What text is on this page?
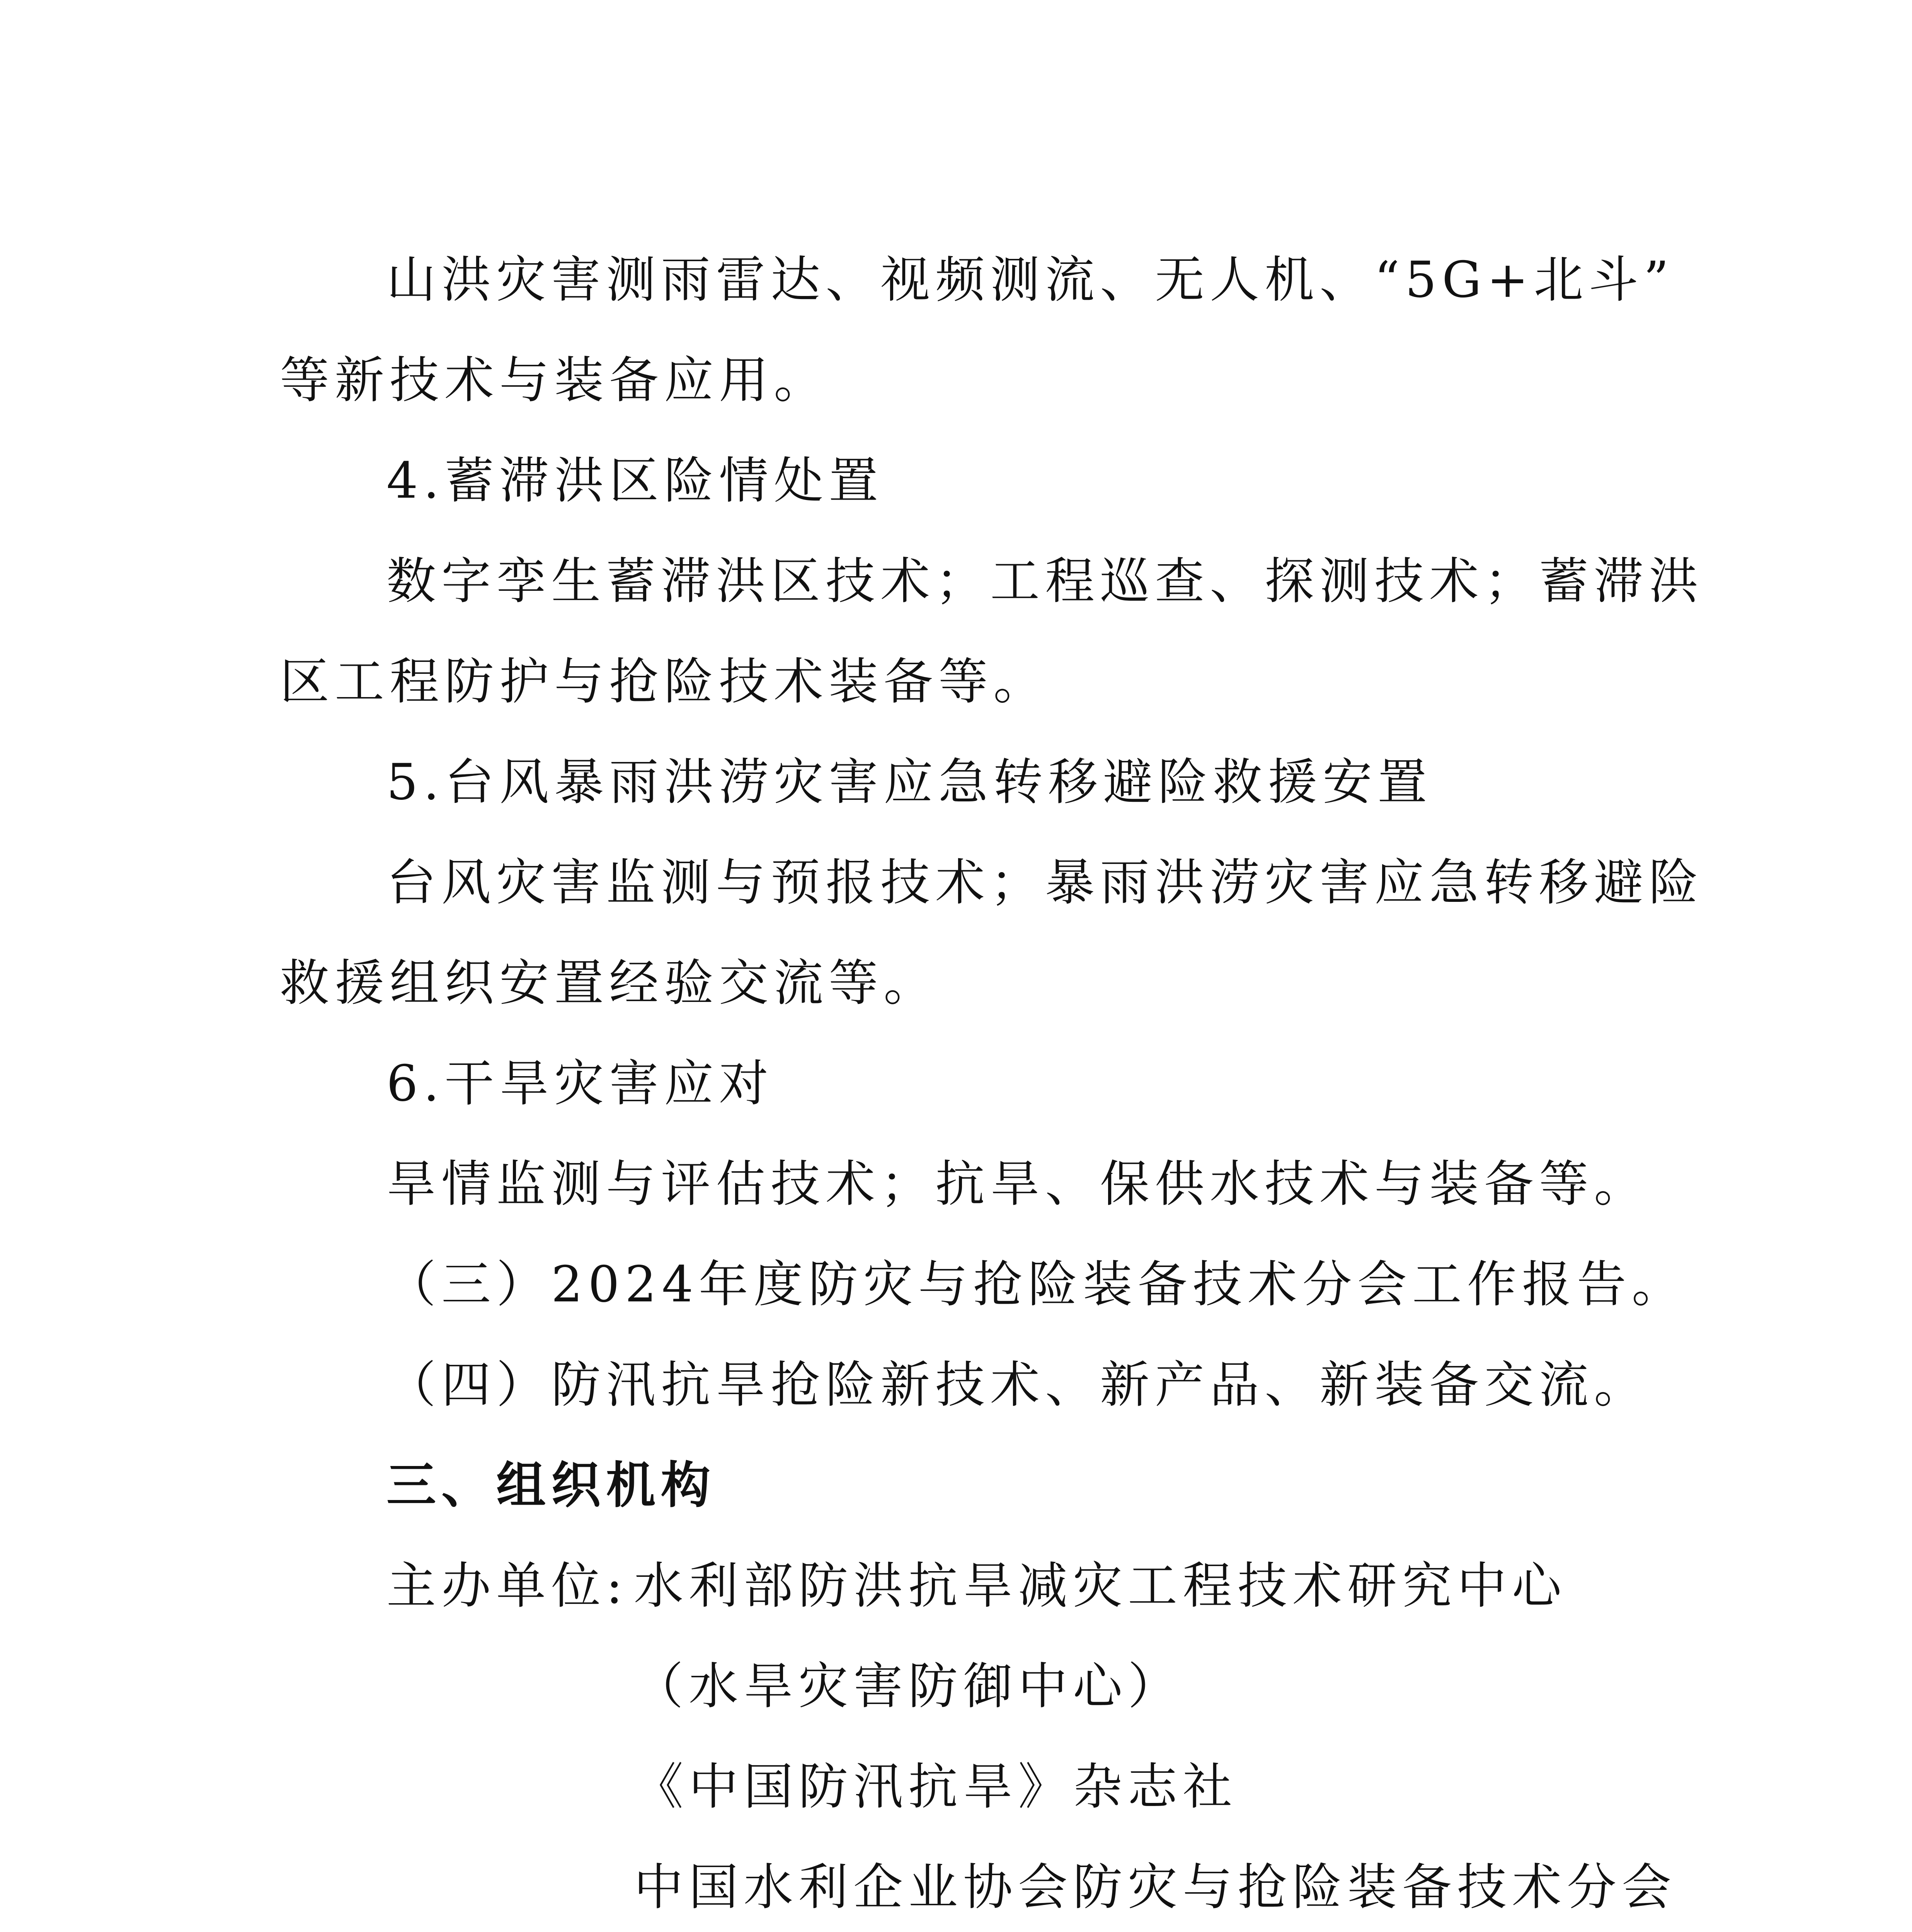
山洪灾害测雨雷达、视频测流、无人机、“5G+北斗”
等新技术与装备应用。
4.蓄滞洪区险情处置
数字孪生蓄滞洪区技术；工程巡查、探测技术；蓄滞洪
区工程防护与抢险技术装备等。
5.台风暴雨洪涝灾害应急转移避险救援安置
台风灾害监测与预报技术；暴雨洪涝灾害应急转移避险
救援组织安置经验交流等。
6.干旱灾害应对
旱情监测与评估技术；抗旱、保供水技术与装备等。
（三）2024年度防灾与抢险装备技术分会工作报告。
（四）防汛抗旱抢险新技术、新产品、新装备交流。
三、组织机构
主办单位: 水利部防洪抗旱减灾工程技术研究中心
（水旱灾害防御中心）
《中国防汛抗旱》杂志社
中国水利企业协会防灾与抢险装备技术分会
